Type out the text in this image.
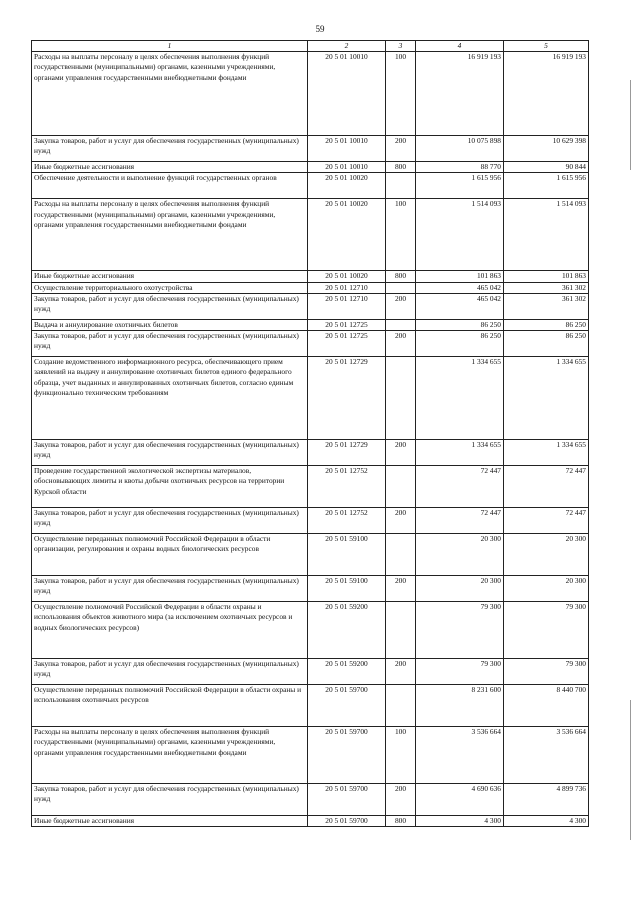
59
1	2	3	4	5
Расходы на выплаты персоналу в целях обеспечения выполнения функций государственными (муниципальными) органами, казенными учреждениями, органами управления государственными внебюджетными фондами	20 5 01 10010	100	16 919 193	16 919 193
Закупка товаров, работ и услуг для обеспечения государственных (муниципальных) нужд	20 5 01 10010	200	10 075 898	10 629 398
Иные бюджетные ассигнования	20 5 01 10010	800	88 770	90 844
Обеспечение деятельности и выполнение функций государственных органов	20 5 01 10020		1 615 956	1 615 956
Расходы на выплаты персоналу в целях обеспечения выполнения функций государственными (муниципальными) органами, казенными учреждениями, органами управления государственными внебюджетными фондами	20 5 01 10020	100	1 514 093	1 514 093
Иные бюджетные ассигнования	20 5 01 10020	800	101 863	101 863
Осуществление территориального охотустройства	20 5 01 12710		465 042	361 302
Закупка товаров, работ и услуг для обеспечения государственных (муниципальных) нужд	20 5 01 12710	200	465 042	361 302
Выдача и аннулирование охотничьих билетов	20 5 01 12725		86 250	86 250
Закупка товаров, работ и услуг для обеспечения государственных (муниципальных) нужд	20 5 01 12725	200	86 250	86 250
Создание ведомственного информационного ресурса, обеспечивающего прием заявлений на выдачу и аннулирование охотничьих билетов единого федерального образца, учет выданных и аннулированных охотничьих билетов, согласно единым функционально техническим требованиям	20 5 01 12729		1 334 655	1 334 655
Закупка товаров, работ и услуг для обеспечения государственных (муниципальных) нужд	20 5 01 12729	200	1 334 655	1 334 655
Проведение государственной экологической экспертизы материалов, обосновывающих лимиты и квоты добычи охотничьих ресурсов на территории Курской области	20 5 01 12752		72 447	72 447
Закупка товаров, работ и услуг для обеспечения государственных (муниципальных) нужд	20 5 01 12752	200	72 447	72 447
Осуществление переданных полномочий Российской Федерации в области организации, регулирования и охраны водных биологических ресурсов	20 5 01 59100		20 300	20 300
Закупка товаров, работ и услуг для обеспечения государственных (муниципальных) нужд	20 5 01 59100	200	20 300	20 300
Осуществление полномочий Российской Федерации в области охраны и использования объектов животного мира (за исключением охотничьих ресурсов и водных биологических ресурсов)	20 5 01 59200		79 300	79 300
Закупка товаров, работ и услуг для обеспечения государственных (муниципальных) нужд	20 5 01 59200	200	79 300	79 300
Осуществление переданных полномочий Российской Федерации в области охраны и использования охотничьих ресурсов	20 5 01 59700		8 231 600	8 440 700
Расходы на выплаты персоналу в целях обеспечения выполнения функций государственными (муниципальными) органами, казенными учреждениями, органами управления государственными внебюджетными фондами	20 5 01 59700	100	3 536 664	3 536 664
Закупка товаров, работ и услуг для обеспечения государственных (муниципальных) нужд	20 5 01 59700	200	4 690 636	4 899 736
Иные бюджетные ассигнования	20 5 01 59700	800	4 300	4 300
